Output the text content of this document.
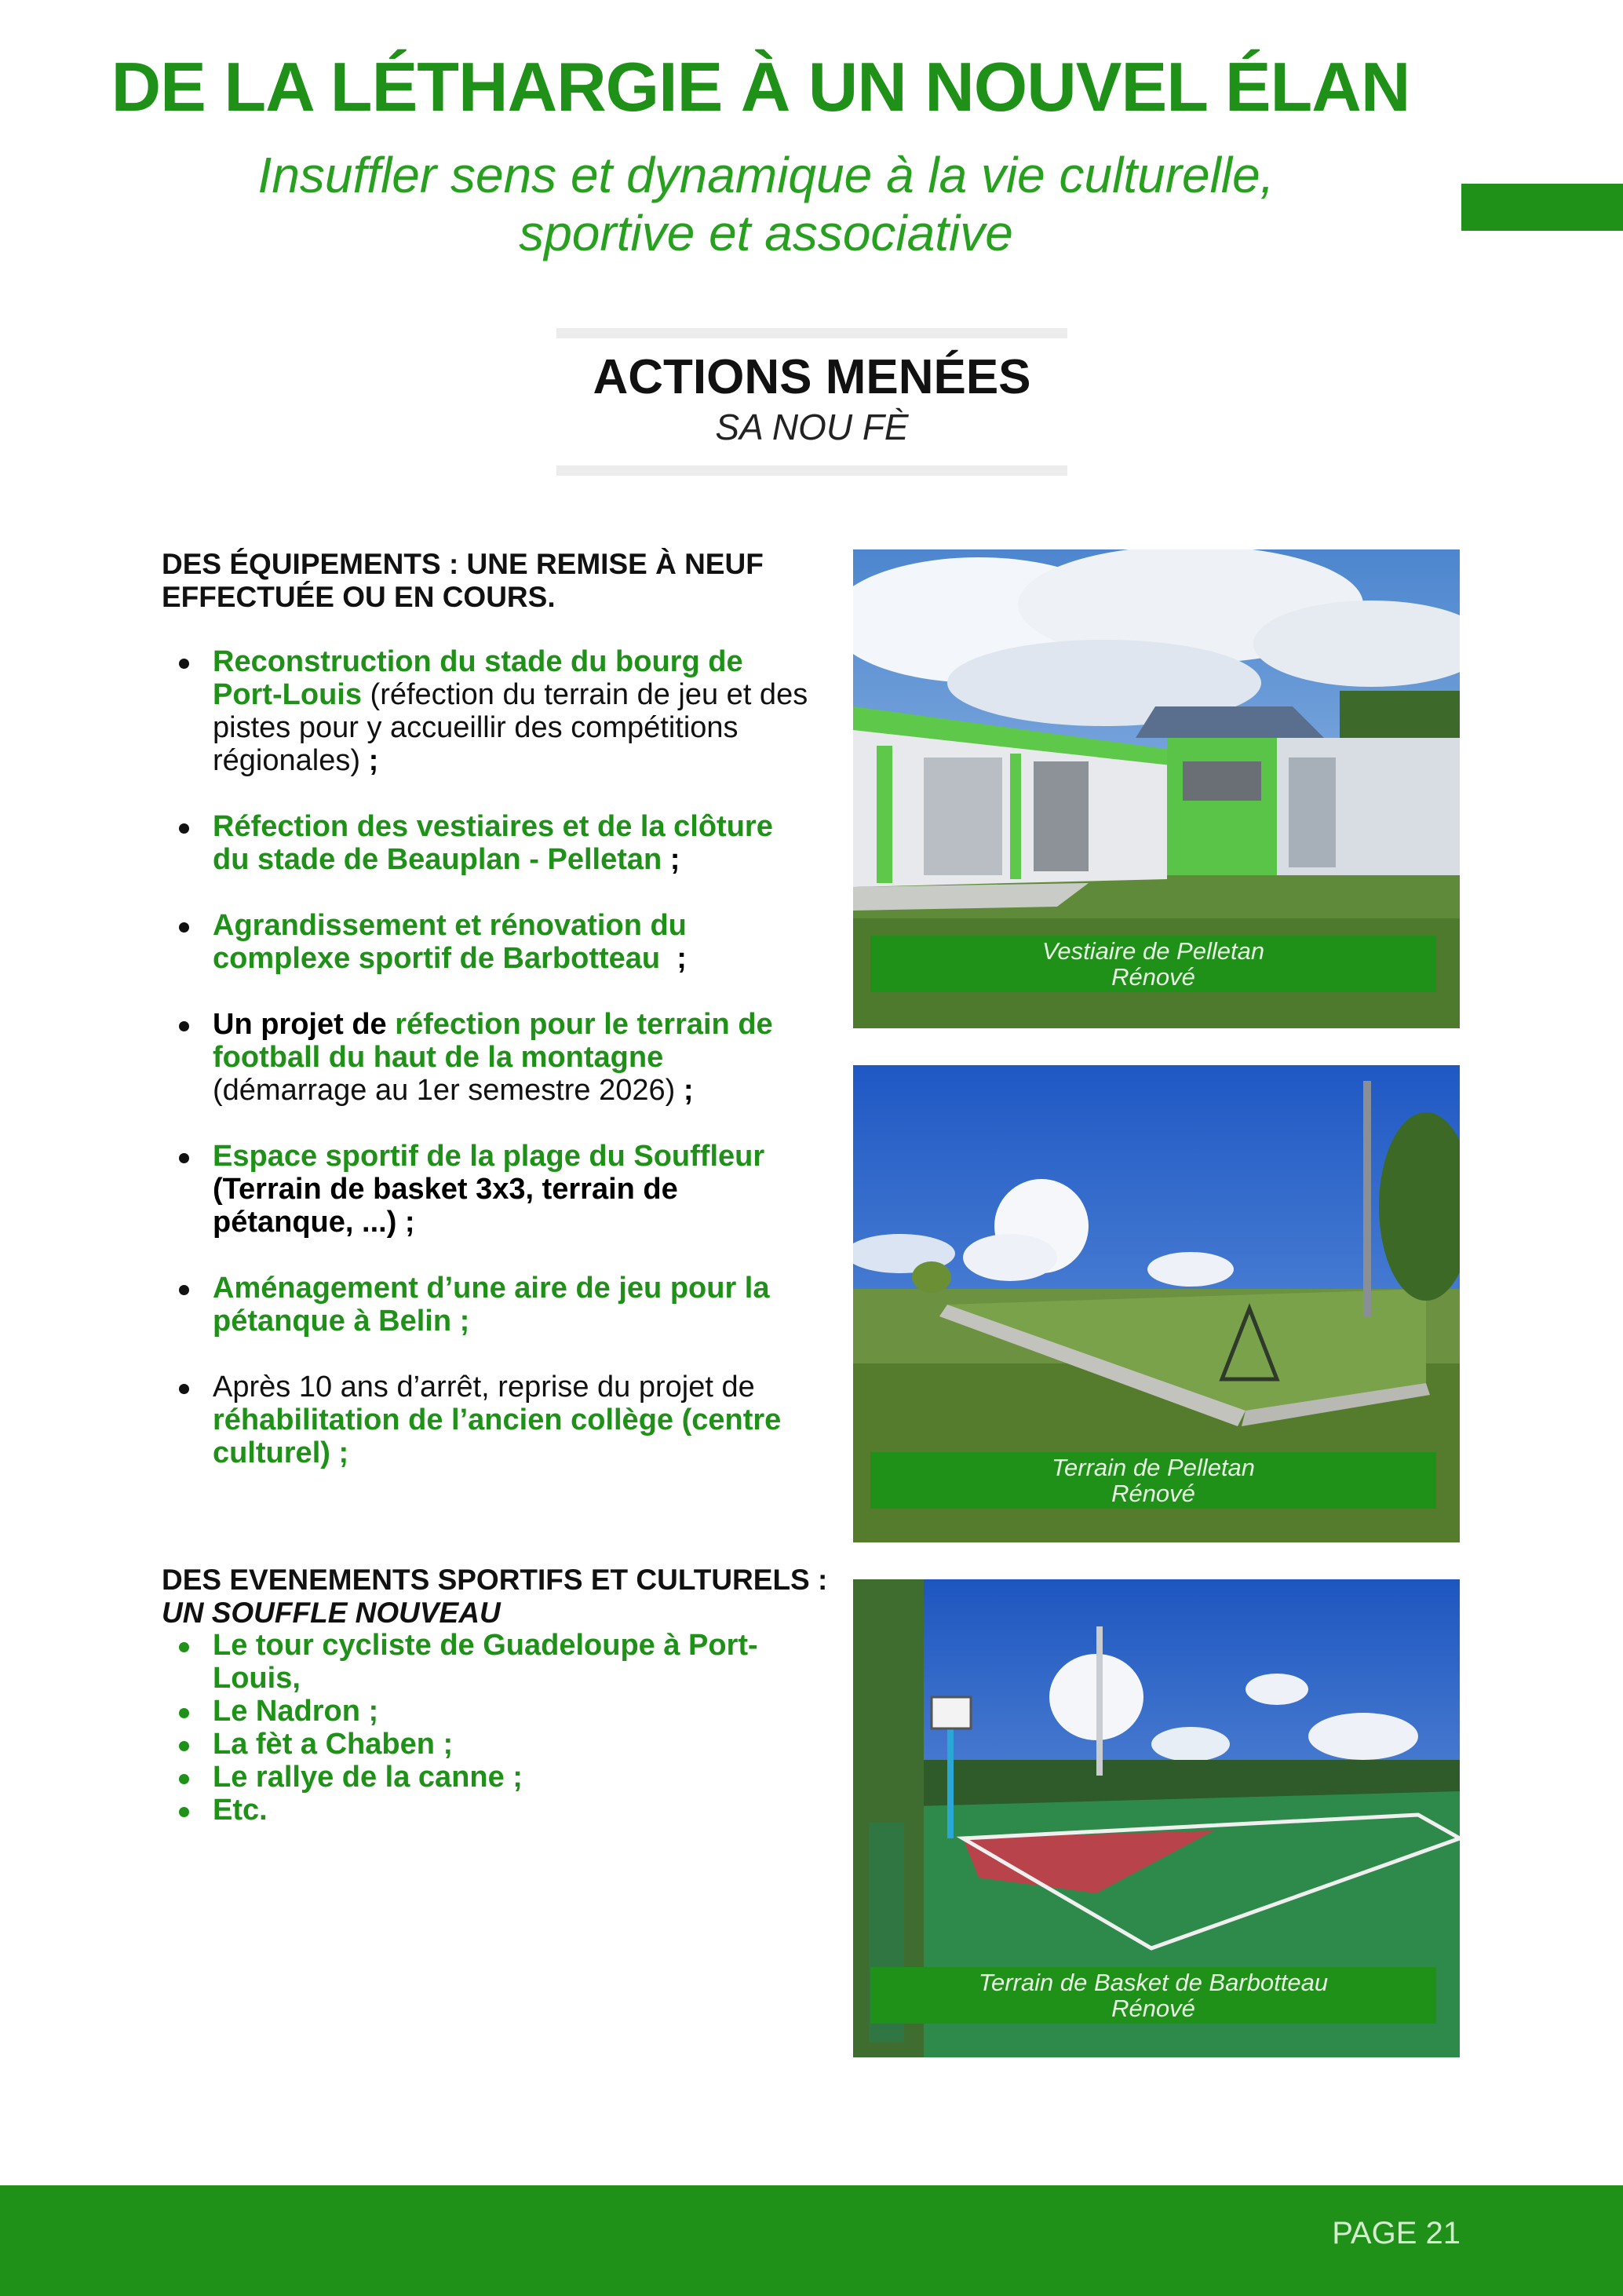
DE LA LÉTHARGIE À UN NOUVEL ÉLAN
Insuffler sens et dynamique à la vie culturelle,
sportive et associative
ACTIONS MENÉES
SA NOU FÈ
DES ÉQUIPEMENTS : UNE REMISE À NEUF EFFECTUÉE OU EN COURS.
Reconstruction du stade du bourg de Port-Louis (réfection du terrain de jeu et des pistes pour y accueillir des compétitions régionales) ;
Réfection des vestiaires et de la clôture du stade de Beauplan - Pelletan ;
Agrandissement et rénovation du complexe sportif de Barbotteau  ;
Un projet de réfection pour le terrain de football du haut de la montagne (démarrage au 1er semestre 2026) ;
Espace sportif de la plage du Souffleur (Terrain de basket 3x3, terrain de pétanque, ...) ;
Aménagement d’une aire de jeu pour la pétanque à Belin ;
Après 10 ans d’arrêt, reprise du projet de réhabilitation de l’ancien collège (centre culturel) ;
DES EVENEMENTS SPORTIFS ET CULTURELS :
UN SOUFFLE NOUVEAU
Le tour cycliste de Guadeloupe à Port-Louis,
Le Nadron ;
La fèt a Chaben ;
Le rallye de la canne ;
Etc.
Vestiaire de Pelletan
Rénové
Terrain de Pelletan
Rénové
Terrain de Basket de Barbotteau
Rénové
PAGE 21
